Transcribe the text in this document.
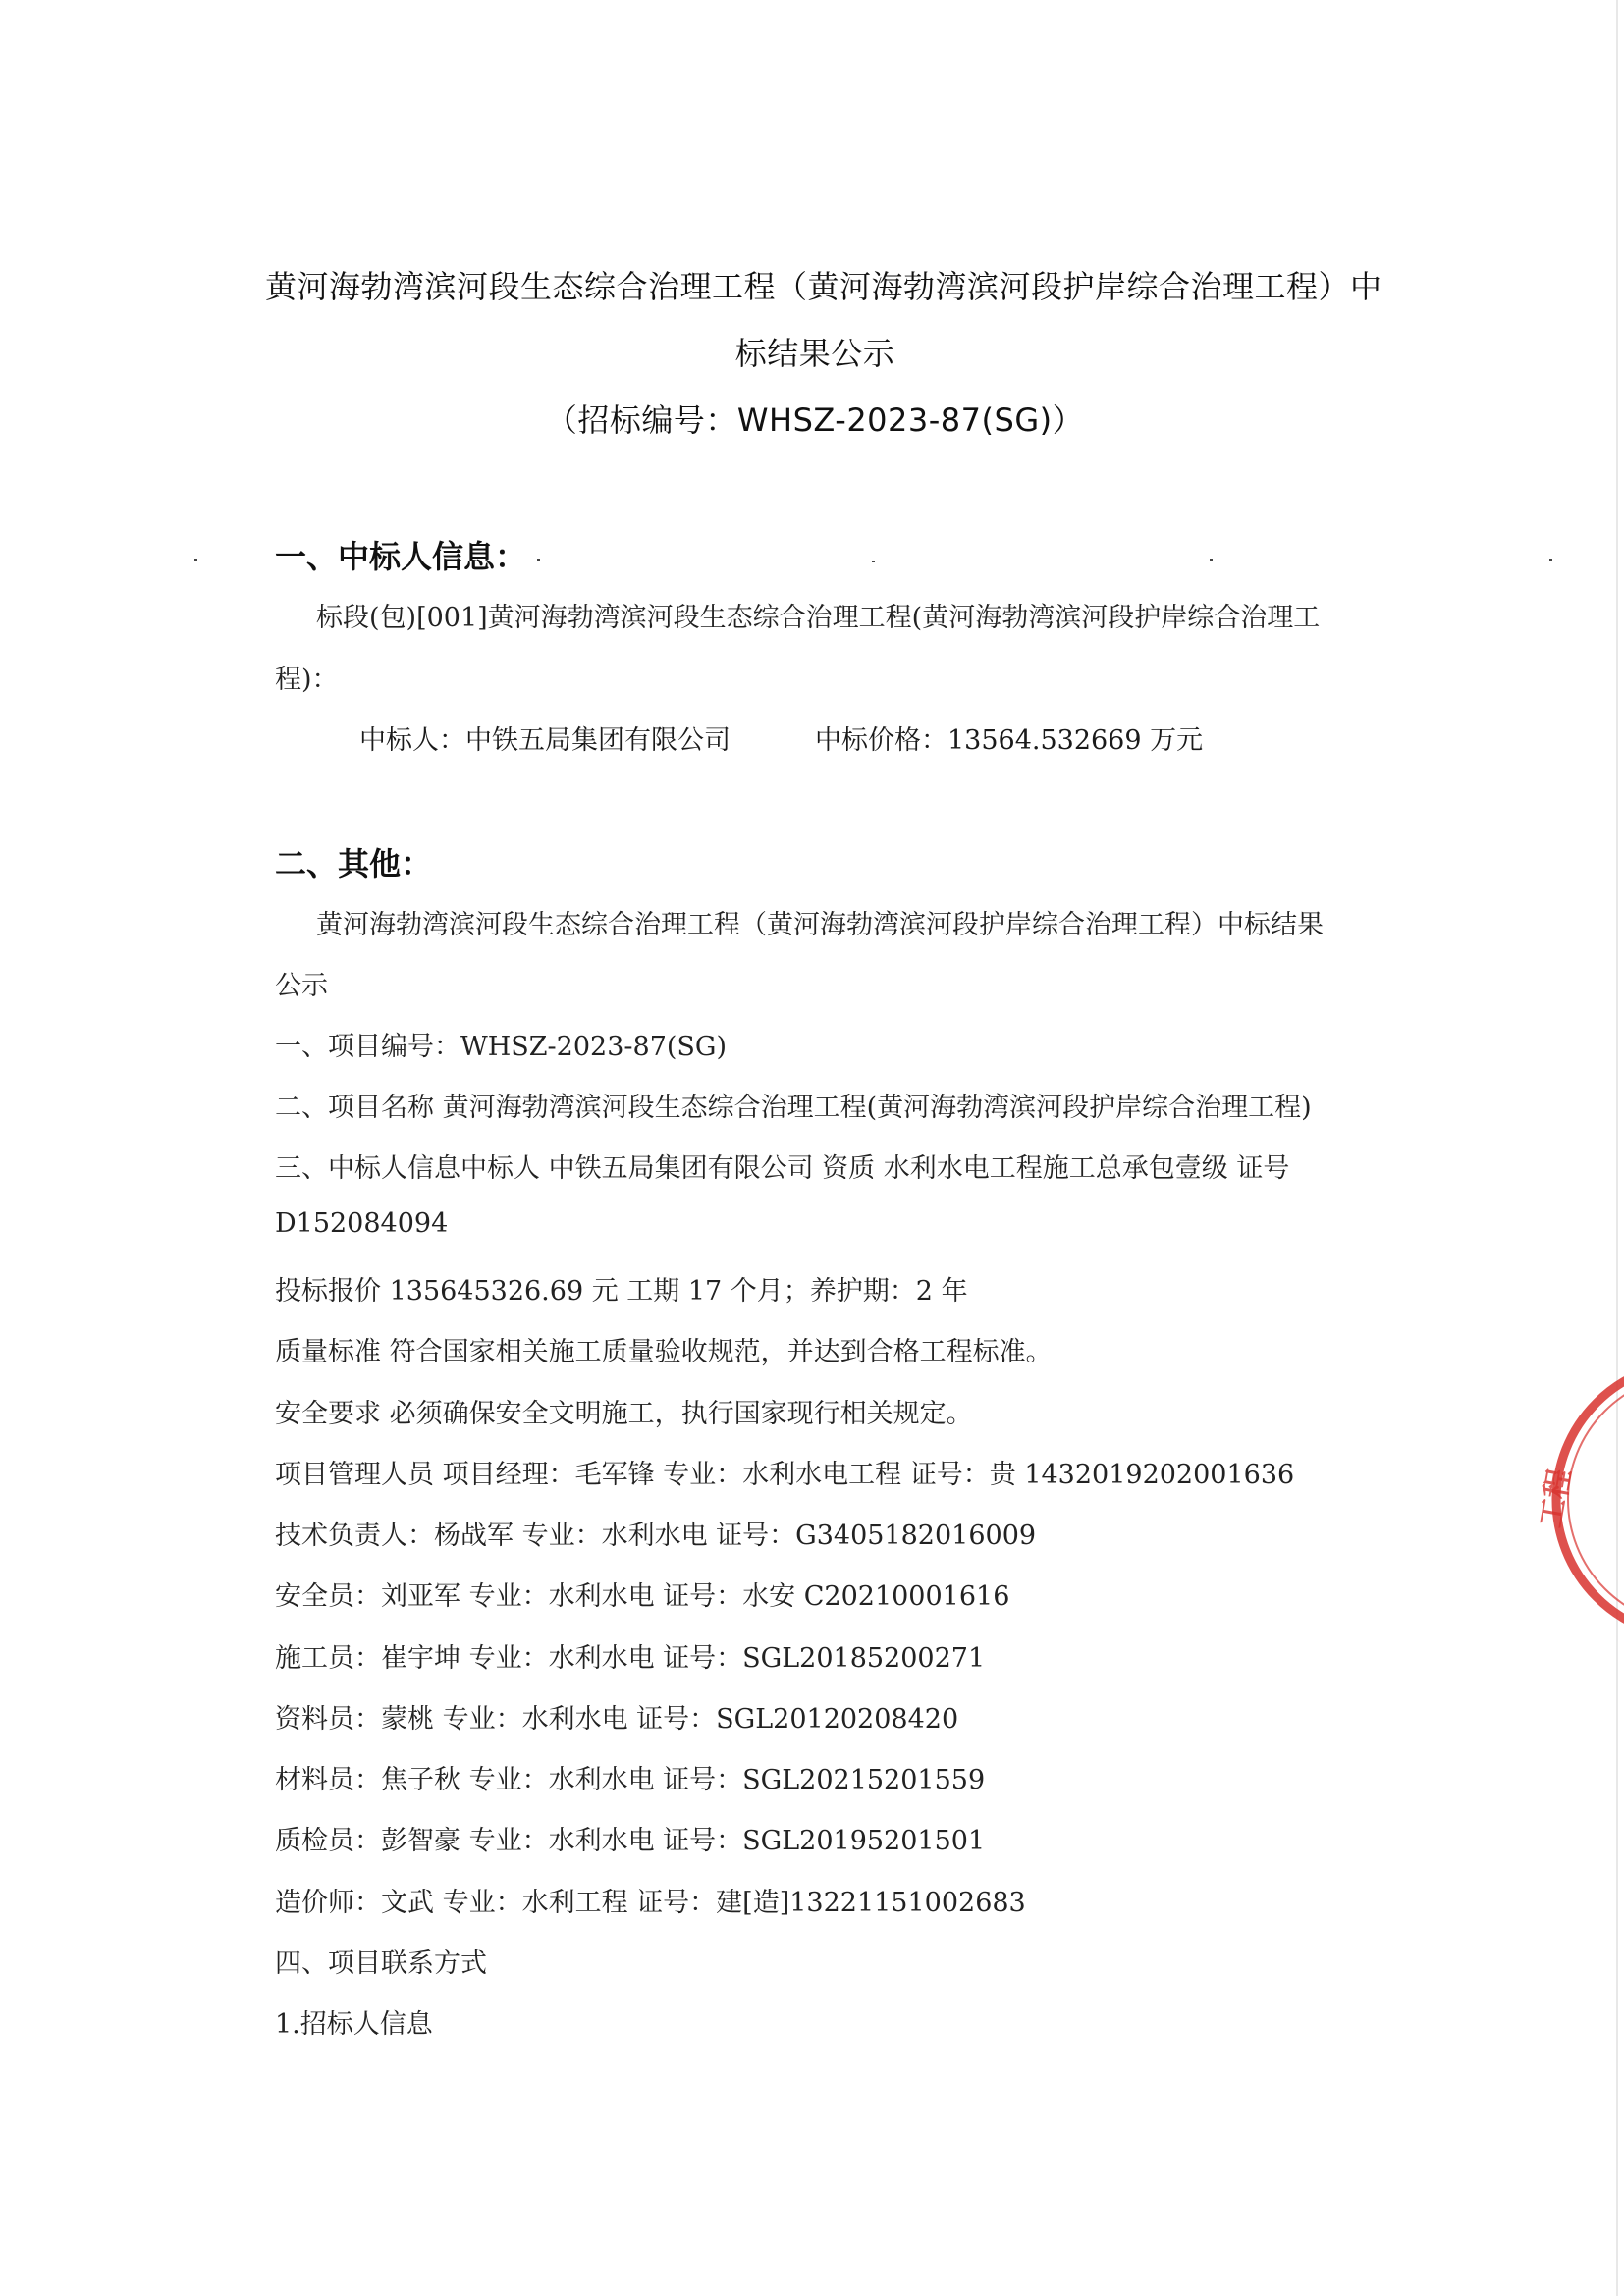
黄河海勃湾滨河段生态综合治理工程（黄河海勃湾滨河段护岸综合治理工程）中
标结果公示
（招标编号：WHSZ-2023-87(SG)）
一、中标人信息：
标段(包)[001]黄河海勃湾滨河段生态综合治理工程(黄河海勃湾滨河段护岸综合治理工
程)：
中标人：中铁五局集团有限公司	中标价格：13564.532669 万元
二、其他：
黄河海勃湾滨河段生态综合治理工程（黄河海勃湾滨河段护岸综合治理工程）中标结果
公示
一、项目编号：WHSZ-2023-87(SG)
二、项目名称 黄河海勃湾滨河段生态综合治理工程(黄河海勃湾滨河段护岸综合治理工程)
三、中标人信息中标人 中铁五局集团有限公司 资质 水利水电工程施工总承包壹级 证号
D152084094
投标报价 135645326.69 元 工期 17 个月；养护期：2 年
质量标准 符合国家相关施工质量验收规范，并达到合格工程标准。
安全要求 必须确保安全文明施工，执行国家现行相关规定。
项目管理人员 项目经理：毛军锋 专业：水利水电工程 证号：贵 1432019202001636
技术负责人：杨战军 专业：水利水电 证号：G3405182016009
安全员：刘亚军 专业：水利水电 证号：水安 C20210001616
施工员：崔宇坤 专业：水利水电 证号：SGL20185200271
资料员：蒙桃 专业：水利水电 证号：SGL20120208420
材料员：焦子秋 专业：水利水电 证号：SGL20215201559
质检员：彭智豪 专业：水利水电 证号：SGL20195201501
造价师：文武 专业：水利工程 证号：建[造]13221151002683
四、项目联系方式
1.招标人信息
工程
